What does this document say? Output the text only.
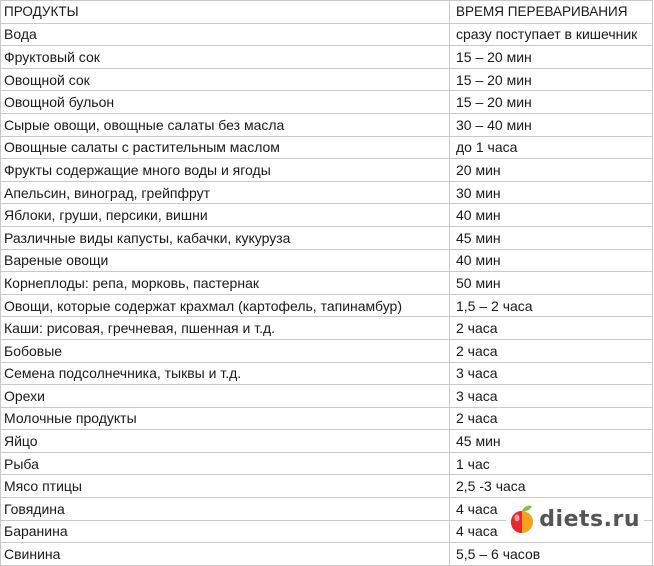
ПРОДУКТЫ	ВРЕМЯ ПЕРЕВАРИВАНИЯ
Вода	сразу поступает в кишечник
Фруктовый сок	15 – 20 мин
Овощной сок	15 – 20 мин
Овощной бульон	15 – 20 мин
Сырые овощи, овощные салаты без масла	30 – 40 мин
Овощные салаты с растительным маслом	до 1 часа
Фрукты содержащие много воды и ягоды	20 мин
Апельсин, виноград, грейпфрут	30 мин
Яблоки, груши, персики, вишни	40 мин
Различные виды капусты, кабачки, кукуруза	45 мин
Вареные овощи	40 мин
Корнеплоды: репа, морковь, пастернак	50 мин
Овощи, которые содержат крахмал (картофель, тапинамбур)	1,5 – 2 часа
Каши: рисовая, гречневая, пшенная и т.д.	2 часа
Бобовые	2 часа
Семена подсолнечника, тыквы и т.д.	3 часа
Орехи	3 часа
Молочные продукты	2 часа
Яйцо	45 мин
Рыба	1 час
Мясо птицы	2,5 -3 часа
Говядина	4 часа
Баранина	4 часа
Свинина	5,5 – 6 часов
diets.ru
